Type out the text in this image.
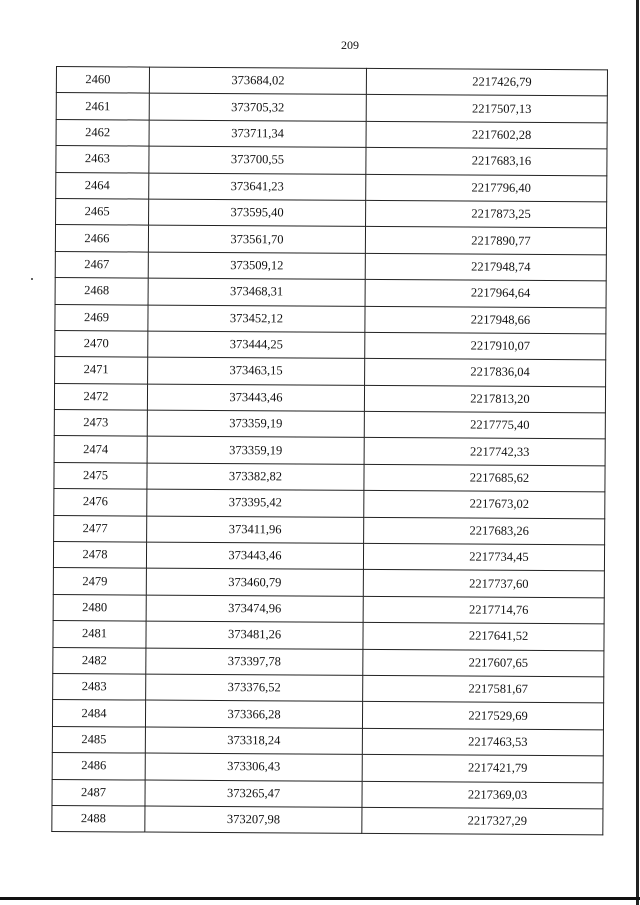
209
2460	373684,02	2217426,79
2461	373705,32	2217507,13
2462	373711,34	2217602,28
2463	373700,55	2217683,16
2464	373641,23	2217796,40
2465	373595,40	2217873,25
2466	373561,70	2217890,77
2467	373509,12	2217948,74
2468	373468,31	2217964,64
2469	373452,12	2217948,66
2470	373444,25	2217910,07
2471	373463,15	2217836,04
2472	373443,46	2217813,20
2473	373359,19	2217775,40
2474	373359,19	2217742,33
2475	373382,82	2217685,62
2476	373395,42	2217673,02
2477	373411,96	2217683,26
2478	373443,46	2217734,45
2479	373460,79	2217737,60
2480	373474,96	2217714,76
2481	373481,26	2217641,52
2482	373397,78	2217607,65
2483	373376,52	2217581,67
2484	373366,28	2217529,69
2485	373318,24	2217463,53
2486	373306,43	2217421,79
2487	373265,47	2217369,03
2488	373207,98	2217327,29
